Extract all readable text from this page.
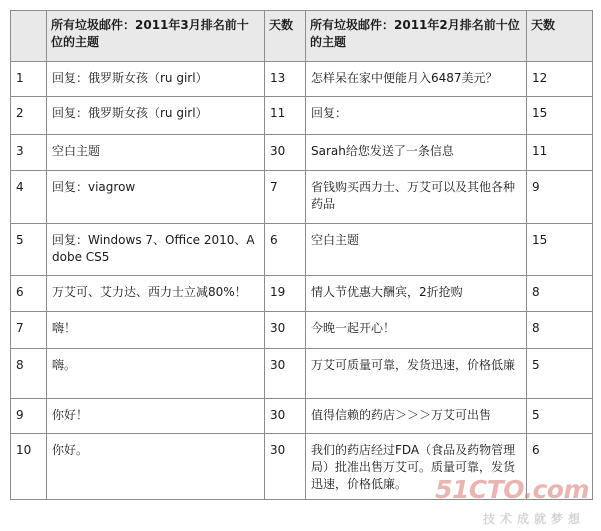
	所有垃圾邮件：2011年3月排名前十位的主题	天数	所有垃圾邮件：2011年2月排名前十位的主题	天数
1	回复：俄罗斯女孩（ru girl）	13	怎样呆在家中便能月入6487美元？	12
2	回复：俄罗斯女孩（ru girl）	11	回复：	15
3	空白主题	30	Sarah给您发送了一条信息	11
4	回复：viagrow	7	省钱购买西力士、万艾可以及其他各种药品	9
5	回复：Windows 7、Office 2010、Adobe CS5	6	空白主题	15
6	万艾可、艾力达、西力士立减80%！	19	情人节优惠大酬宾，2折抢购	8
7	嗨！	30	今晚一起开心！	8
8	嗨。	30	万艾可质量可靠，发货迅速，价格低廉	5
9	你好！	30	值得信赖的药店＞＞＞万艾可出售	5
10	你好。	30	我们的药店经过FDA（食品及药物管理局）批准出售万艾可。质量可靠，发货迅速，价格低廉。	6
51CTO.com
技术成就梦想
